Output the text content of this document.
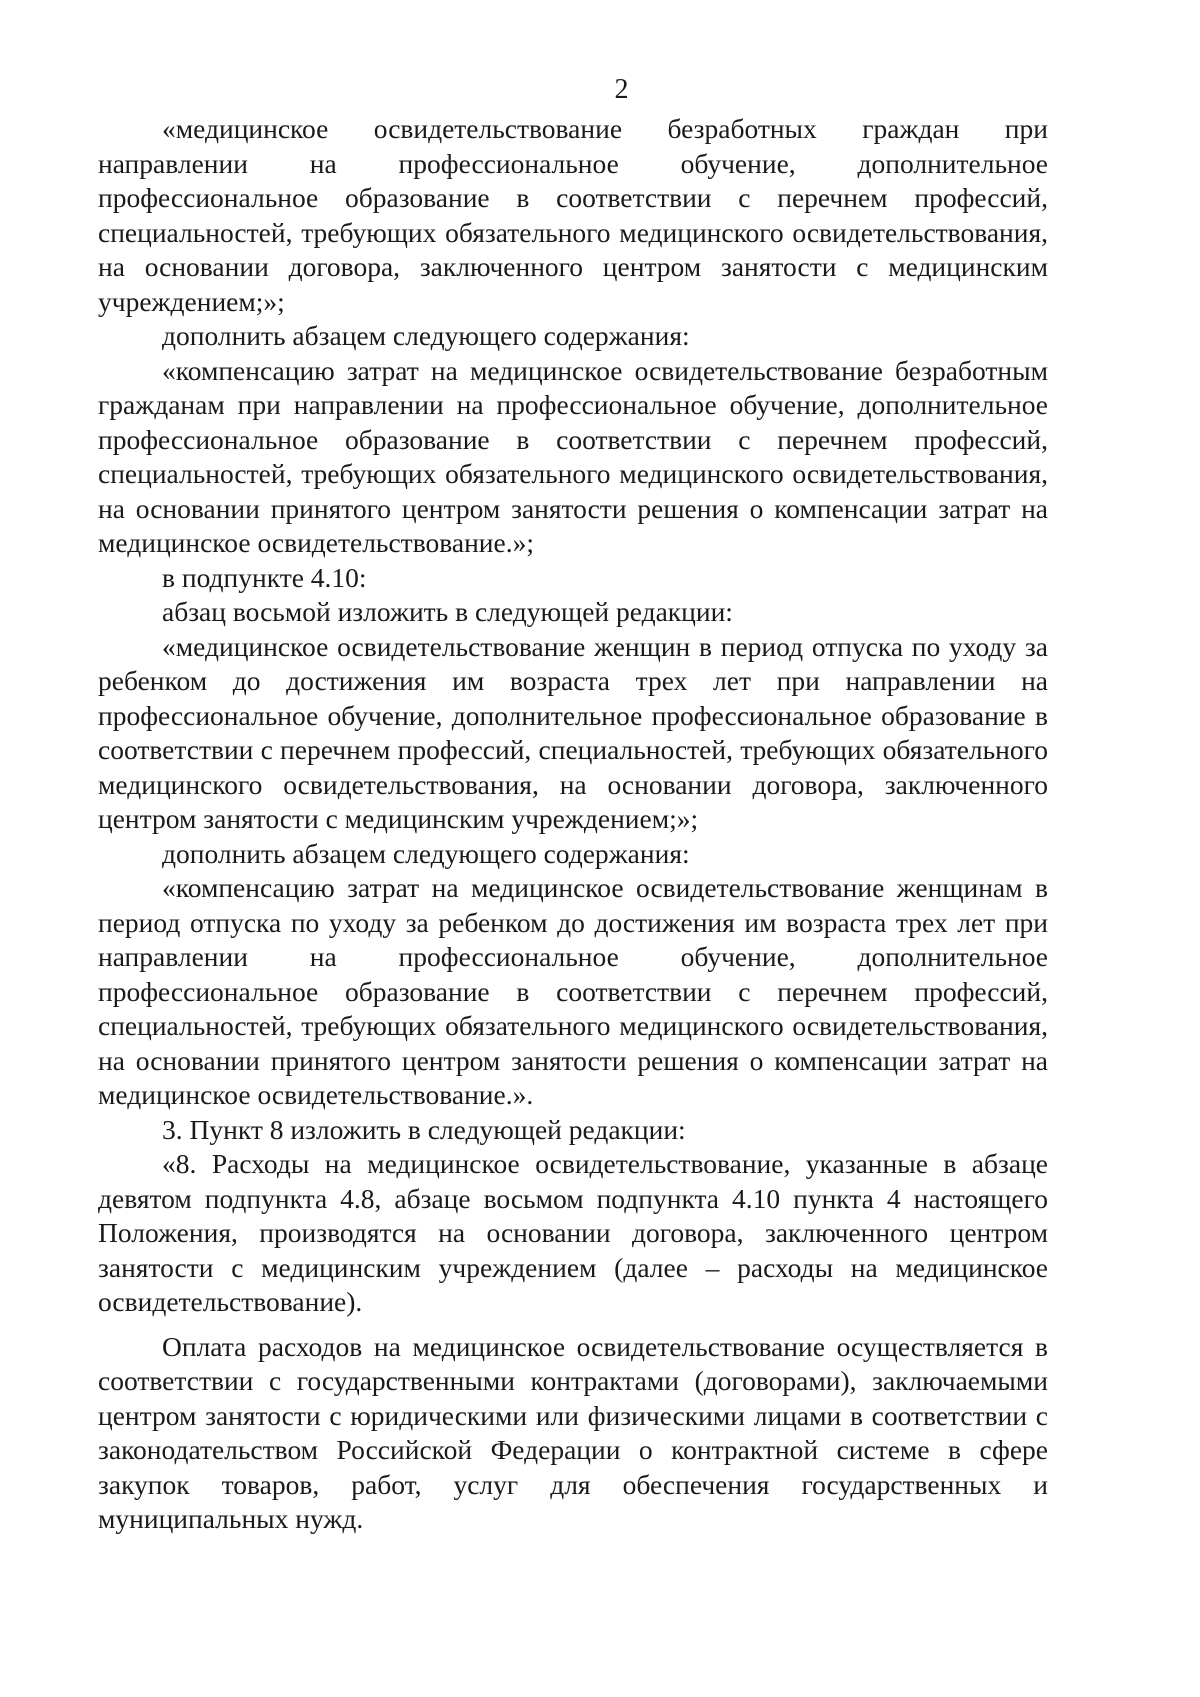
2

«медицинское освидетельствование безработных граждан при направлении на профессиональное обучение, дополнительное профессиональное образование в соответствии с перечнем профессий, специальностей, требующих обязательного медицинского освидетельствования, на основании договора, заключенного центром занятости с медицинским учреждением;»;

дополнить абзацем следующего содержания:

«компенсацию затрат на медицинское освидетельствование безработным гражданам при направлении на профессиональное обучение, дополнительное профессиональное образование в соответствии с перечнем профессий, специальностей, требующих обязательного медицинского освидетельствования, на основании принятого центром занятости решения о компенсации затрат на медицинское освидетельствование.»;

в подпункте 4.10:

абзац восьмой изложить в следующей редакции:

«медицинское освидетельствование женщин в период отпуска по уходу за ребенком до достижения им возраста трех лет при направлении на профессиональное обучение, дополнительное профессиональное образование в соответствии с перечнем профессий, специальностей, требующих обязательного медицинского освидетельствования, на основании договора, заключенного центром занятости с медицинским учреждением;»;

дополнить абзацем следующего содержания:

«компенсацию затрат на медицинское освидетельствование женщинам в период отпуска по уходу за ребенком до достижения им возраста трех лет при направлении на профессиональное обучение, дополнительное профессиональное образование в соответствии с перечнем профессий, специальностей, требующих обязательного медицинского освидетельствования, на основании принятого центром занятости решения о компенсации затрат на медицинское освидетельствование.».

3. Пункт 8 изложить в следующей редакции:

«8. Расходы на медицинское освидетельствование, указанные в абзаце девятом подпункта 4.8, абзаце восьмом подпункта 4.10 пункта 4 настоящего Положения, производятся на основании договора, заключенного центром занятости с медицинским учреждением (далее – расходы на медицинское освидетельствование).

Оплата расходов на медицинское освидетельствование осуществляется в соответствии с государственными контрактами (договорами), заключаемыми центром занятости с юридическими или физическими лицами в соответствии с законодательством Российской Федерации о контрактной системе в сфере закупок товаров, работ, услуг для обеспечения государственных и муниципальных нужд.
